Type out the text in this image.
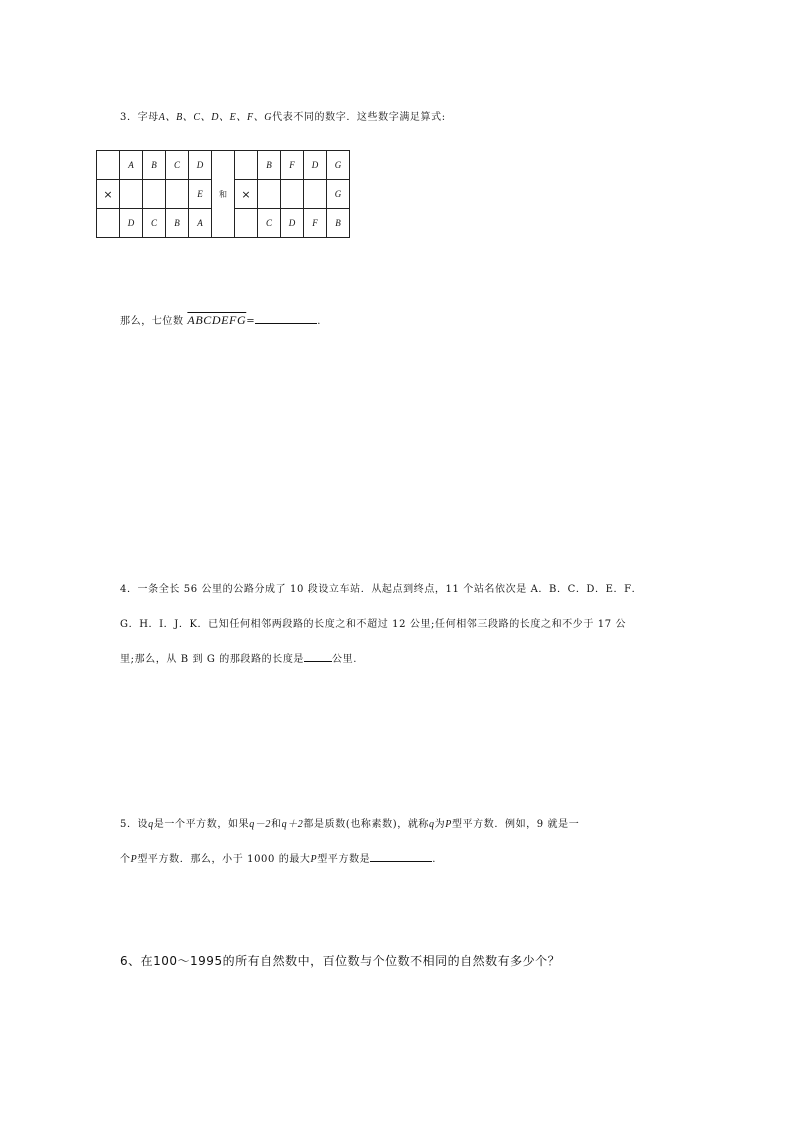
3．字母A、B、C、D、E、F、G代表不同的数字．这些数字满足算式:
	A	B	C	D	和		B	F	D	G
×				E		×				G
	D	C	B	A			C	D	F	B
那么，七位数 ABCDEFG=	.
4．一条全长 56 公里的公路分成了 10 段设立车站．从起点到终点，11 个站名依次是 A．B．C．D．E．F．
G．H．I．J．K．已知任何相邻两段路的长度之和不超过 12 公里;任何相邻三段路的长度之和不少于 17 公
里;那么，从 B 到 G 的那段路的长度是	公里.
5．设q是一个平方数，如果q－2和q＋2都是质数(也称素数)，就称q为P型平方数．例如，9 就是一
个P型平方数．那么，小于 1000 的最大P型平方数是	.
6、在100～1995的所有自然数中，百位数与个位数不相同的自然数有多少个？
